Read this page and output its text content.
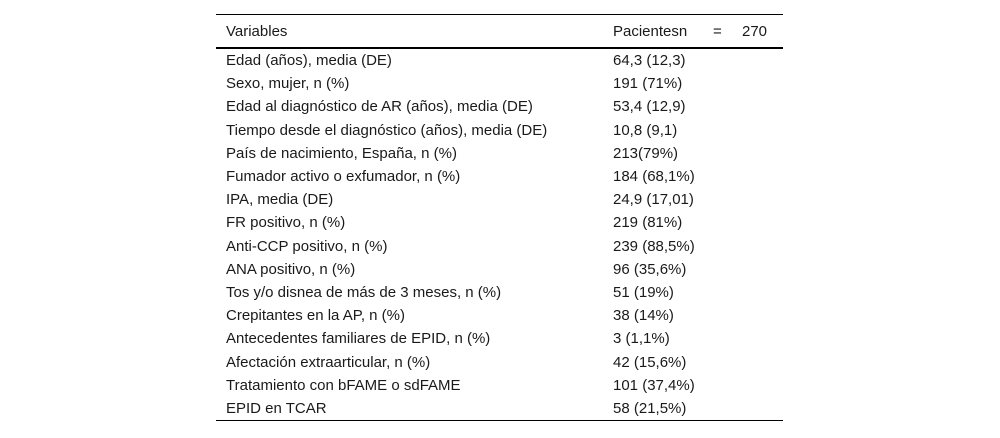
Variables	Pacientesn = 270

Edad (años), media (DE)	64,3 (12,3)
Sexo, mujer, n (%)	191 (71%)
Edad al diagnóstico de AR (años), media (DE)	53,4 (12,9)
Tiempo desde el diagnóstico (años), media (DE)	10,8 (9,1)
País de nacimiento, España, n (%)	213(79%)
Fumador activo o exfumador, n (%)	184 (68,1%)
IPA, media (DE)	24,9 (17,01)
FR positivo, n (%)	219 (81%)
Anti-CCP positivo, n (%)	239 (88,5%)
ANA positivo, n (%)	96 (35,6%)
Tos y/o disnea de más de 3 meses, n (%)	51 (19%)
Crepitantes en la AP, n (%)	38 (14%)
Antecedentes familiares de EPID, n (%)	3 (1,1%)
Afectación extraarticular, n (%)	42 (15,6%)
Tratamiento con bFAME o sdFAME	101 (37,4%)
EPID en TCAR	58 (21,5%)
